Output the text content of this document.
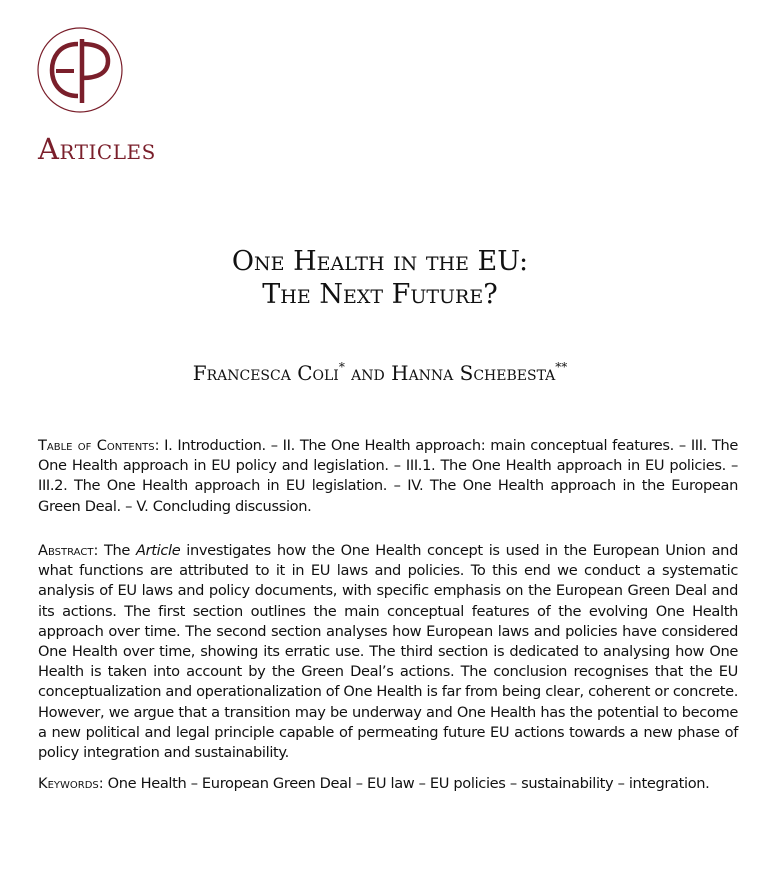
Articles
One Health in the EU:
The Next Future?
Francesca Coli* and Hanna Schebesta**
Table of Contents: I. Introduction. – II. The One Health approach: main conceptual features. – III. The One Health approach in EU policy and legislation. – III.1. The One Health approach in EU policies. – III.2. The One Health approach in EU legislation. – IV. The One Health approach in the European Green Deal. – V. Concluding discussion.
Abstract: The Article investigates how the One Health concept is used in the European Union and what functions are attributed to it in EU laws and policies. To this end we conduct a systematic analysis of EU laws and policy documents, with specific emphasis on the European Green Deal and its actions. The first section outlines the main conceptual features of the evolving One Health approach over time. The second section analyses how European laws and policies have considered One Health over time, showing its erratic use. The third section is dedicated to analysing how One Health is taken into account by the Green Deal’s actions. The conclusion recognises that the EU conceptualization and operationalization of One Health is far from being clear, coherent or concrete. However, we argue that a transition may be underway and One Health has the potential to become a new political and legal principle capable of permeating future EU actions towards a new phase of policy integration and sustainability.
Keywords: One Health – European Green Deal – EU law – EU policies – sustainability – integration.
